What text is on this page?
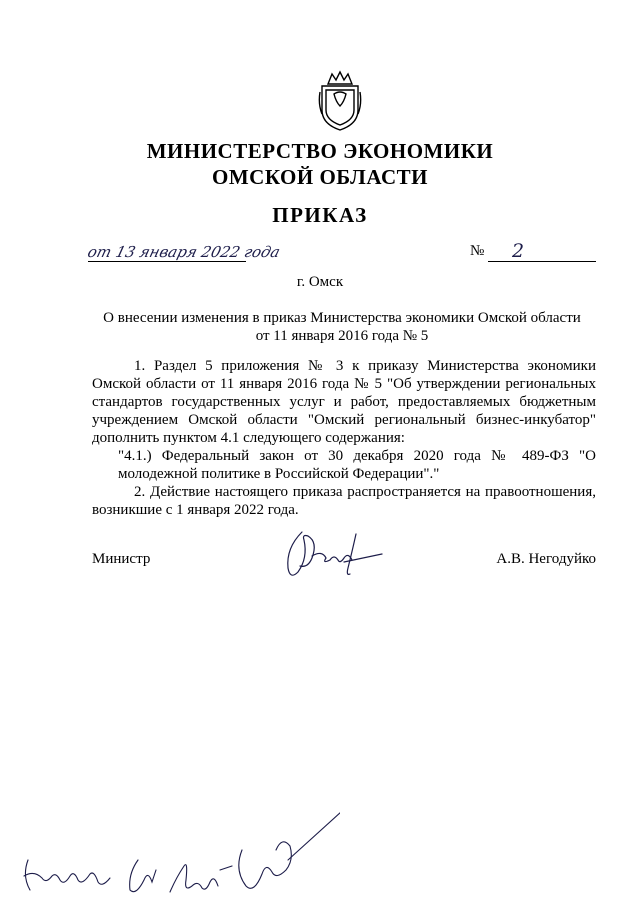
МИНИСТЕРСТВО ЭКОНОМИКИ
ОМСКОЙ ОБЛАСТИ
ПРИКАЗ
от 13 января 2022 года	№ 2
г. Омск
О внесении изменения в приказ Министерства экономики Омской области
от 11 января 2016 года № 5

1. Раздел 5 приложения № 3 к приказу Министерства экономики Омской области от 11 января 2016 года № 5 "Об утверждении региональных стандартов государственных услуг и работ, предоставляемых бюджетным учреждением Омской области "Омский региональный бизнес-инкубатор" дополнить пунктом 4.1 следующего содержания:

"4.1.) Федеральный закон от 30 декабря 2020 года № 489-ФЗ "О молодежной политике в Российской Федерации"."

2. Действие настоящего приказа распространяется на правоотношения, возникшие с 1 января 2022 года.

Министр	А.В. Негодуйко
